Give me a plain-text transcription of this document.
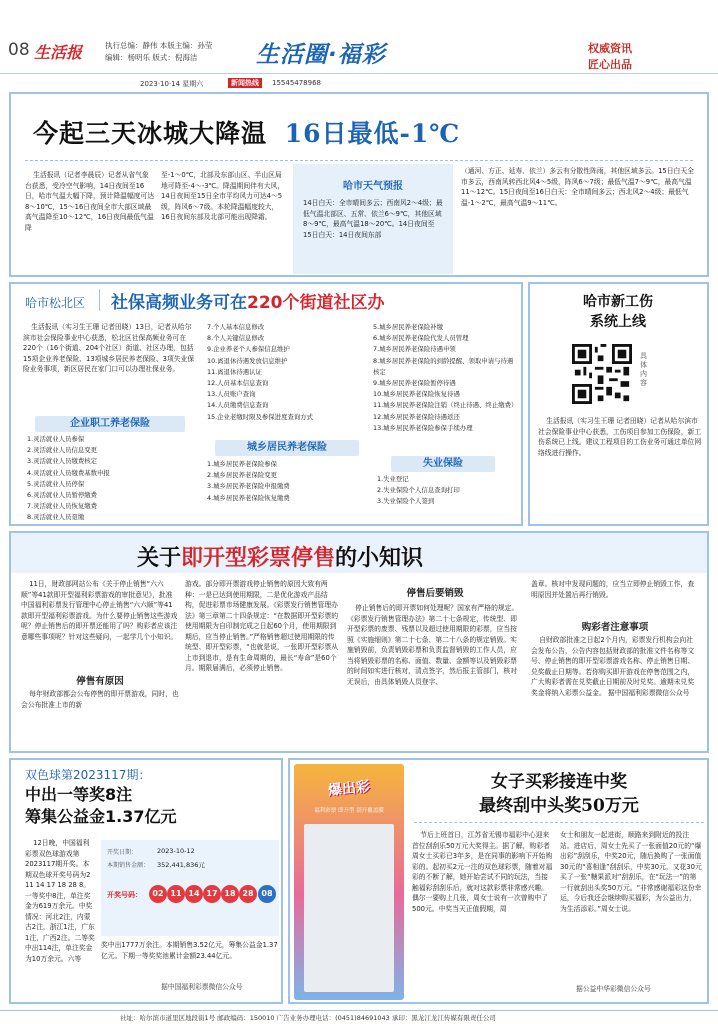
08 生活报	执行总编：静伟 本版主编：孙莹
编辑：杨明乐 版式：倪海洁	生活圈·福彩	权威资讯
匠心出品
2023·10·14 星期六	新闻热线	15545478968
今起三天冰城大降温 16日最低-1℃

生活报讯（记者李晨辰）记者从省气象台获悉，受冷空气影响，14日夜间至16日，哈市气温大幅下降，预计降温幅度可达8～10℃，15～16日夜间全市大部区域最高气温降至10～12℃，16日夜间最低气温降

至-1～0℃，北部及东部山区、半山区局地可降至-4～-3℃。降温期间伴有大风，14日夜间至15日全市平均风力可达4～5级，阵风6～7级。本轮降温幅度较大，16日夜间东部及北部可能出现降霜。

哈市天气预报
14日白天：全市晴间多云；西南风2～4级；最低气温北部区、五常、依兰6～9℃，其他区域8～9℃，最高气温18～20℃。14日夜间至15日白天：14日夜间东部

（通河、方正、延寿、依兰）多云有分散性阵雨，其他区域多云。15日白天全市多云，西南风转西北风4～5级，阵风6～7级；最低气温7～9℃，最高气温11～12℃。15日夜间至16日白天：全市晴间多云；西北风2～4级；最低气温-1～2℃，最高气温9～11℃。

哈市松北区 社保高频业务可在220个街道社区办

生活报讯（实习生王珊 记者田晓）13日，记者从哈尔滨市社会保险事业中心获悉，松北区社保高频业务可在220个（16个街道、204个社区）街道、社区办理，包括15项企业养老保险、13项城乡居民养老保险、3项失业保险业务事项，新区居民在家门口可以办理社保业务。

企业职工养老保险
1.灵活就业人员参保
2.灵活就业人员信息变更
3.灵活就业人员缴费核定
4.灵活就业人员缴费基数申报
5.灵活就业人员停保
6.灵活就业人员暂停缴费
7.灵活就业人员恢复缴费
8.灵活就业人员趸缴
7.个人基本信息修改
8.个人关键信息修改
9.企业养老个人参保信息维护
10.离退休待遇发放信息维护
11.离退休待遇认证
12.人员基本信息查询
13.人员账户查询
14.人员缴费信息查询
15.企业老缴时限及参保进度查询方式
城乡居民养老保险
1.城乡居民养老保险参保
2.城乡居民养老保险变更
3.城乡居民养老保险申报缴费
4.城乡居民养老保险恢复缴费
5.城乡居民养老保险补缴
6.城乡居民养老保险代发人员管理
7.城乡居民养老保险待遇申领
8.城乡居民养老保险的到龄提醒、领取申请与待遇核定
9.城乡居民养老保险暂停待遇
10.城乡居民养老保险恢复待遇
11.城乡居民养老保险注销（终止待遇、终止缴费）
12.城乡居民养老保险待遇返还
13.城乡居民养老保险参保手续办理
失业保险
1.失业登记
2.失业保险个人信息查询打印
3.失业保险个人签到
哈市新工伤
系统上线
具体内容

生活报讯（实习生王珊 记者田晓）记者从哈尔滨市社会保险事业中心获悉，工伤项目参加工伤保险，新工伤系统已上线。建议工程项目的工伤业务可通过单位网络线进行操作。

关于即开型彩票停售的小知识

11日，财政部网站公布《关于停止销售“六六顺”等41款即开型福利彩票游戏的审批意见》，批准中国福利彩票发行管理中心停止销售“六六顺”等41款即开型福利彩票游戏。为什么要停止销售这些游戏呢？停止销售后的即开票还能用了吗？购彩者应该注意哪些事项呢？针对这些疑问，一起学几个小知识。

停售有原因

每年财政部都会公布停售的即开票游戏，同时，也会公布批准上市的新

游戏。部分即开票游戏停止销售的原因大致有两种：一是已达到使用期限，二是优化游戏产品结构，促进彩票市场健康发展。《彩票发行销售管理办法》第三章第二十四条规定：“在数据即开型彩票的使用期限为自印制完成之日起60个月，使用期限到期后，应当停止销售。”严格销售超过使用期限的传统型、即开型彩票，“也就是说，一张即开型彩票从上市到退市，是有生命周期的，最长“寿命”是60个月。期限届满后，必须停止销售。

停售后要销毁

停止销售后的即开票如何处理呢？国家有严格的规定。《彩票发行销售管理办法》第二十七条规定，传统型、即开型彩票的废票、残票以及超过使用期限的彩票，应当按照《实施细则》第二十七条、第二十八条的规定销毁。实施销毁前，负责销毁彩票和负责监督销毁的工作人员，应当将销毁彩票的名称、面值、数量、金额等以及销毁彩票的时间如实进行核对，清点签字，然后报主管部门，核对无误后，由具体销毁人员登字、

盖章。核对中发现问题的，应当立即停止销毁工作，查明原因并处置后再行销毁。

购彩者注意事项

自财政部批准之日起2个月内，彩票发行机构会向社会发布公告，公告内容包括财政部的批准文件名称等文号、停止销售的即开型彩票游戏名称、停止销售日期、兑奖截止日期等。若你购买即开游戏在停售范围之内，广大购彩者需在兑奖截止日期前及时兑奖。逾期未兑奖奖金将纳入彩票公益金。 据中国福利彩票微信公众号

双色球第2023117期：
中出一等奖8注
筹集公益金1.37亿元

12日晚，中国福利彩票双色球游戏第2023117期开奖。本期双色球开奖号码为2 11 14 17 18 28 8。一等奖中8注，单注奖金为619万余元。中奖情况：河北2注，内蒙古2注，浙江1注，广东1注，广西2注。二等奖中出114注，单注奖金为10万余元。六等

开奖日期：	2023-10-12
本期销售金额： 352,441,836元
开奖号码：	02 11 14 17 18 28 08

奖中出1777万余注。本期销售3.52亿元，筹集公益金1.37亿元。下期一等奖奖池累计金额23.44亿元。

据中国福利彩票微信公众号
爆出彩
福利彩票 即开型 刮开覆盖膜
女子买彩接连中奖
最终刮中头奖50万元

节后上班首日，江苏省无锡市福彩中心迎来首位刮刮乐50万元大奖得主。据了解，购彩者周女士买彩已3年多，是在同事的影响下开始购彩的。起初买2元一注的双色球彩票，随着对福彩的不断了解，她开始尝试不同的玩法，当接触福彩刮刮乐后，就对这款彩票非常感兴趣。偶尔一要购上几张，周女士说有一次曾购中了500元。中奖当天正值假期，周

女士和朋友一起进街，顺路来到附近的投注站。进店后，周女士先买了一张面值20元的“爆出彩”刮刮乐，中奖20元，随后换购了一张面值30元的“喜相逢”刮刮乐，中奖30元，又花30元买了一张“糖果派对”刮刮乐，在“玩法一”的第一行就刮出头奖50万元。“非常感谢福彩这份幸运，今后我还会继续购买福彩，为公益出力，为生活添彩。”周女士说。

据公益中华彩微信公众号
社址：哈尔滨市道里区地段街1号 邮政编码：150010 广告业务办理电话：(0451)84691043 承印：黑龙江龙江传媒有限责任公司
